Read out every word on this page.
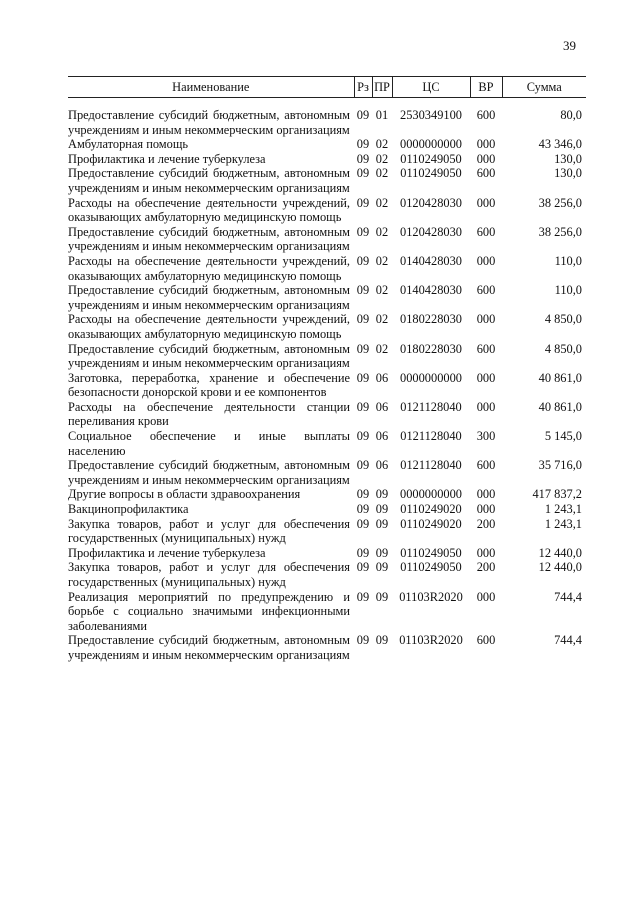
39
Наименование	Рз	ПР	ЦС	ВР	Сумма

Предоставление субсидий бюджетным, автономным учреждениям и иным некоммерческим организациям	09	01	2530349100	600	80,0
Амбулаторная помощь	09	02	0000000000	000	43 346,0
Профилактика и лечение туберкулеза	09	02	0110249050	000	130,0
Предоставление субсидий бюджетным, автономным учреждениям и иным некоммерческим организациям	09	02	0110249050	600	130,0
Расходы на обеспечение деятельности учреждений, оказывающих амбулаторную медицинскую помощь	09	02	0120428030	000	38 256,0
Предоставление субсидий бюджетным, автономным учреждениям и иным некоммерческим организациям	09	02	0120428030	600	38 256,0
Расходы на обеспечение деятельности учреждений, оказывающих амбулаторную медицинскую помощь	09	02	0140428030	000	110,0
Предоставление субсидий бюджетным, автономным учреждениям и иным некоммерческим организациям	09	02	0140428030	600	110,0
Расходы на обеспечение деятельности учреждений, оказывающих амбулаторную медицинскую помощь	09	02	0180228030	000	4 850,0
Предоставление субсидий бюджетным, автономным учреждениям и иным некоммерческим организациям	09	02	0180228030	600	4 850,0
Заготовка, переработка, хранение и обеспечение безопасности донорской крови и ее компонентов	09	06	0000000000	000	40 861,0
Расходы на обеспечение деятельности станции переливания крови	09	06	0121128040	000	40 861,0
Социальное обеспечение и иные выплаты населению	09	06	0121128040	300	5 145,0
Предоставление субсидий бюджетным, автономным учреждениям и иным некоммерческим организациям	09	06	0121128040	600	35 716,0
Другие вопросы в области здравоохранения	09	09	0000000000	000	417 837,2
Вакцинопрофилактика	09	09	0110249020	000	1 243,1
Закупка товаров, работ и услуг для обеспечения государственных (муниципальных) нужд	09	09	0110249020	200	1 243,1
Профилактика и лечение туберкулеза	09	09	0110249050	000	12 440,0
Закупка товаров, работ и услуг для обеспечения государственных (муниципальных) нужд	09	09	0110249050	200	12 440,0
Реализация мероприятий по предупреждению и борьбе с социально значимыми инфекционными заболеваниями	09	09	01103R2020	000	744,4
Предоставление субсидий бюджетным, автономным учреждениям и иным некоммерческим организациям	09	09	01103R2020	600	744,4
